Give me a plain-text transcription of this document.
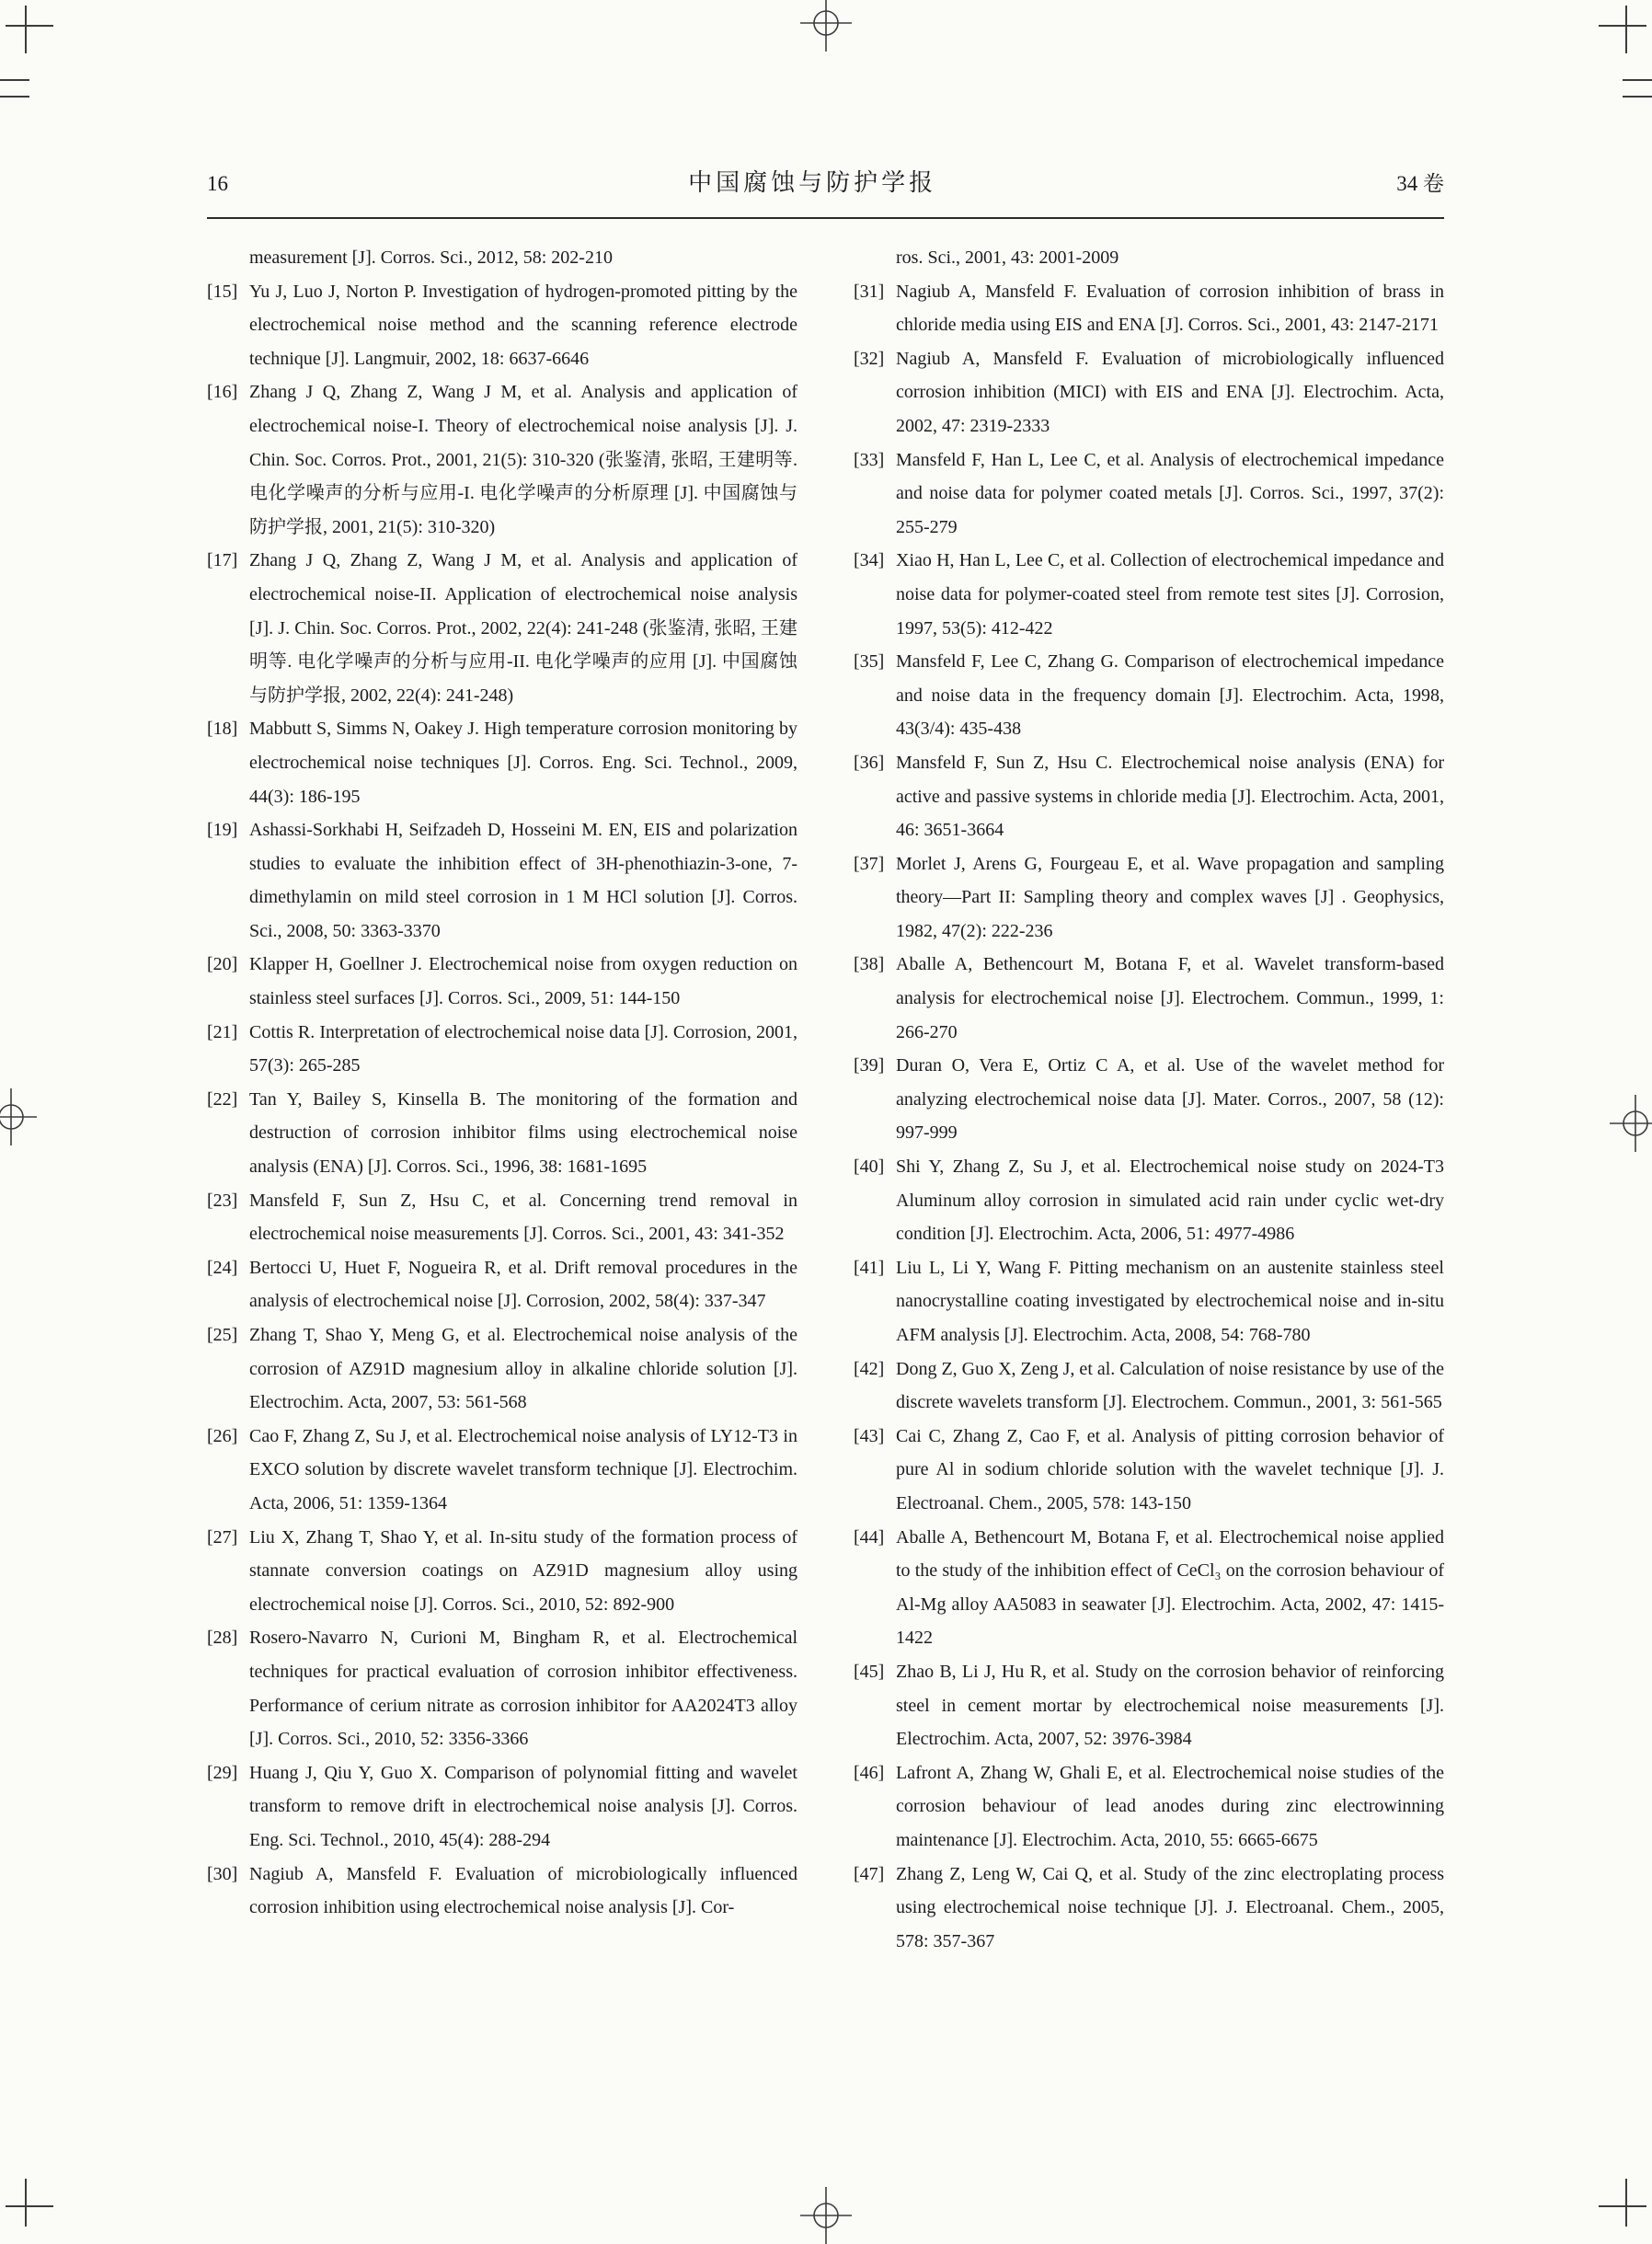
16	中国腐蚀与防护学报	34 卷

measurement [J]. Corros. Sci., 2012, 58: 202-210

[15] Yu J, Luo J, Norton P. Investigation of hydrogen-promoted pitting by the electrochemical noise method and the scanning reference electrode technique [J]. Langmuir, 2002, 18: 6637-6646

[16] Zhang J Q, Zhang Z, Wang J M, et al. Analysis and application of electrochemical noise-I. Theory of electrochemical noise analysis [J]. J. Chin. Soc. Corros. Prot., 2001, 21(5): 310-320 (张鉴清, 张昭, 王建明等. 电化学噪声的分析与应用-I. 电化学噪声的分析原理 [J]. 中国腐蚀与防护学报, 2001, 21(5): 310-320)

[17] Zhang J Q, Zhang Z, Wang J M, et al. Analysis and application of electrochemical noise-II. Application of electrochemical noise analysis [J]. J. Chin. Soc. Corros. Prot., 2002, 22(4): 241-248 (张鉴清, 张昭, 王建明等. 电化学噪声的分析与应用-II. 电化学噪声的应用 [J]. 中国腐蚀与防护学报, 2002, 22(4): 241-248)

[18] Mabbutt S, Simms N, Oakey J. High temperature corrosion monitoring by electrochemical noise techniques [J]. Corros. Eng. Sci. Technol., 2009, 44(3): 186-195

[19] Ashassi-Sorkhabi H, Seifzadeh D, Hosseini M. EN, EIS and polarization studies to evaluate the inhibition effect of 3H-phenothiazin-3-one, 7-dimethylamin on mild steel corrosion in 1 M HCl solution [J]. Corros. Sci., 2008, 50: 3363-3370

[20] Klapper H, Goellner J. Electrochemical noise from oxygen reduction on stainless steel surfaces [J]. Corros. Sci., 2009, 51: 144-150

[21] Cottis R. Interpretation of electrochemical noise data [J]. Corrosion, 2001, 57(3): 265-285

[22] Tan Y, Bailey S, Kinsella B. The monitoring of the formation and destruction of corrosion inhibitor films using electrochemical noise analysis (ENA) [J]. Corros. Sci., 1996, 38: 1681-1695

[23] Mansfeld F, Sun Z, Hsu C, et al. Concerning trend removal in electrochemical noise measurements [J]. Corros. Sci., 2001, 43: 341-352

[24] Bertocci U, Huet F, Nogueira R, et al. Drift removal procedures in the analysis of electrochemical noise [J]. Corrosion, 2002, 58(4): 337-347

[25] Zhang T, Shao Y, Meng G, et al. Electrochemical noise analysis of the corrosion of AZ91D magnesium alloy in alkaline chloride solution [J]. Electrochim. Acta, 2007, 53: 561-568

[26] Cao F, Zhang Z, Su J, et al. Electrochemical noise analysis of LY12-T3 in EXCO solution by discrete wavelet transform technique [J]. Electrochim. Acta, 2006, 51: 1359-1364

[27] Liu X, Zhang T, Shao Y, et al. In-situ study of the formation process of stannate conversion coatings on AZ91D magnesium alloy using electrochemical noise [J]. Corros. Sci., 2010, 52: 892-900

[28] Rosero-Navarro N, Curioni M, Bingham R, et al. Electrochemical techniques for practical evaluation of corrosion inhibitor effectiveness. Performance of cerium nitrate as corrosion inhibitor for AA2024T3 alloy [J]. Corros. Sci., 2010, 52: 3356-3366

[29] Huang J, Qiu Y, Guo X. Comparison of polynomial fitting and wavelet transform to remove drift in electrochemical noise analysis [J]. Corros. Eng. Sci. Technol., 2010, 45(4): 288-294

[30] Nagiub A, Mansfeld F. Evaluation of microbiologically influenced corrosion inhibition using electrochemical noise analysis [J]. Cor-

ros. Sci., 2001, 43: 2001-2009

[31] Nagiub A, Mansfeld F. Evaluation of corrosion inhibition of brass in chloride media using EIS and ENA [J]. Corros. Sci., 2001, 43: 2147-2171

[32] Nagiub A, Mansfeld F. Evaluation of microbiologically influenced corrosion inhibition (MICI) with EIS and ENA [J]. Electrochim. Acta, 2002, 47: 2319-2333

[33] Mansfeld F, Han L, Lee C, et al. Analysis of electrochemical impedance and noise data for polymer coated metals [J]. Corros. Sci., 1997, 37(2): 255-279

[34] Xiao H, Han L, Lee C, et al. Collection of electrochemical impedance and noise data for polymer-coated steel from remote test sites [J]. Corrosion, 1997, 53(5): 412-422

[35] Mansfeld F, Lee C, Zhang G. Comparison of electrochemical impedance and noise data in the frequency domain [J]. Electrochim. Acta, 1998, 43(3/4): 435-438

[36] Mansfeld F, Sun Z, Hsu C. Electrochemical noise analysis (ENA) for active and passive systems in chloride media [J]. Electrochim. Acta, 2001, 46: 3651-3664

[37] Morlet J, Arens G, Fourgeau E, et al. Wave propagation and sampling theory—Part II: Sampling theory and complex waves [J] . Geophysics, 1982, 47(2): 222-236

[38] Aballe A, Bethencourt M, Botana F, et al. Wavelet transform-based analysis for electrochemical noise [J]. Electrochem. Commun., 1999, 1: 266-270

[39] Duran O, Vera E, Ortiz C A, et al. Use of the wavelet method for analyzing electrochemical noise data [J]. Mater. Corros., 2007, 58 (12): 997-999

[40] Shi Y, Zhang Z, Su J, et al. Electrochemical noise study on 2024-T3 Aluminum alloy corrosion in simulated acid rain under cyclic wet-dry condition [J]. Electrochim. Acta, 2006, 51: 4977-4986

[41] Liu L, Li Y, Wang F. Pitting mechanism on an austenite stainless steel nanocrystalline coating investigated by electrochemical noise and in-situ AFM analysis [J]. Electrochim. Acta, 2008, 54: 768-780

[42] Dong Z, Guo X, Zeng J, et al. Calculation of noise resistance by use of the discrete wavelets transform [J]. Electrochem. Commun., 2001, 3: 561-565

[43] Cai C, Zhang Z, Cao F, et al. Analysis of pitting corrosion behavior of pure Al in sodium chloride solution with the wavelet technique [J]. J. Electroanal. Chem., 2005, 578: 143-150

[44] Aballe A, Bethencourt M, Botana F, et al. Electrochemical noise applied to the study of the inhibition effect of CeCl₃ on the corrosion behaviour of Al-Mg alloy AA5083 in seawater [J]. Electrochim. Acta, 2002, 47: 1415-1422

[45] Zhao B, Li J, Hu R, et al. Study on the corrosion behavior of reinforcing steel in cement mortar by electrochemical noise measurements [J]. Electrochim. Acta, 2007, 52: 3976-3984

[46] Lafront A, Zhang W, Ghali E, et al. Electrochemical noise studies of the corrosion behaviour of lead anodes during zinc electrowinning maintenance [J]. Electrochim. Acta, 2010, 55: 6665-6675

[47] Zhang Z, Leng W, Cai Q, et al. Study of the zinc electroplating process using electrochemical noise technique [J]. J. Electroanal. Chem., 2005, 578: 357-367
